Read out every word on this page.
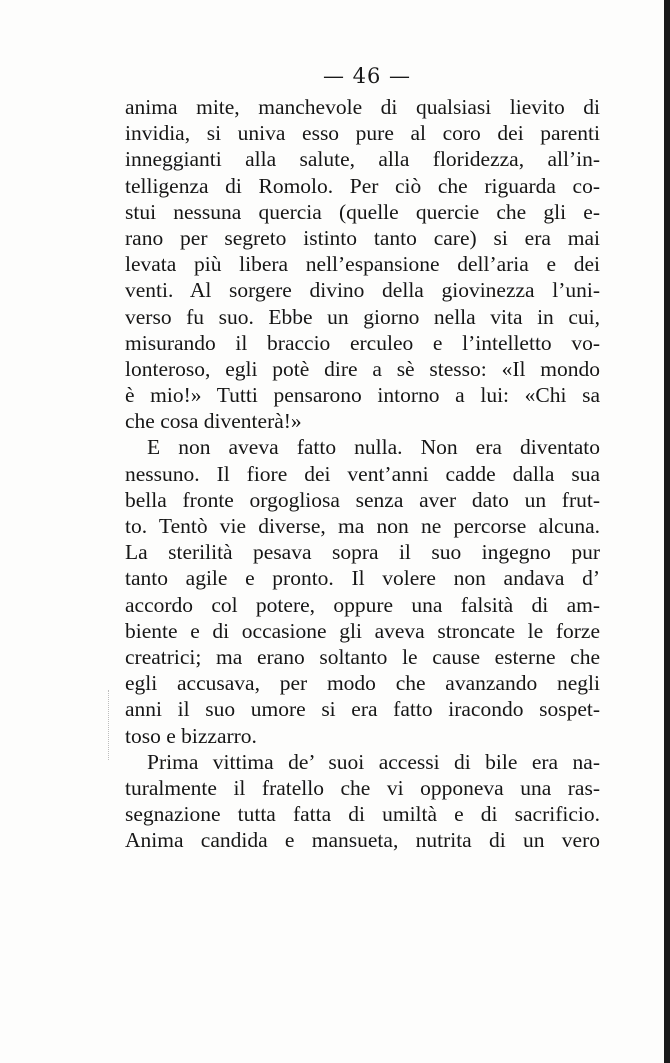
— 46 —
anima mite, manchevole di qualsiasi lievito di
invidia, si univa esso pure al coro dei parenti
inneggianti alla salute, alla floridezza, all’in-
telligenza di Romolo. Per ciò che riguarda co-
stui nessuna quercia (quelle quercie che gli e-
rano per segreto istinto tanto care) si era mai
levata più libera nell’espansione dell’aria e dei
venti. Al sorgere divino della giovinezza l’uni-
verso fu suo. Ebbe un giorno nella vita in cui,
misurando il braccio erculeo e l’intelletto vo-
lonteroso, egli potè dire a sè stesso: «Il mondo
è mio!» Tutti pensarono intorno a lui: «Chi sa
che cosa diventerà!»
E non aveva fatto nulla. Non era diventato
nessuno. Il fiore dei vent’anni cadde dalla sua
bella fronte orgogliosa senza aver dato un frut-
to. Tentò vie diverse, ma non ne percorse alcuna.
La sterilità pesava sopra il suo ingegno pur
tanto agile e pronto. Il volere non andava d’
accordo col potere, oppure una falsità di am-
biente e di occasione gli aveva stroncate le forze
creatrici; ma erano soltanto le cause esterne che
egli accusava, per modo che avanzando negli
anni il suo umore si era fatto iracondo sospet-
toso e bizzarro.
Prima vittima de’ suoi accessi di bile era na-
turalmente il fratello che vi opponeva una ras-
segnazione tutta fatta di umiltà e di sacrificio.
Anima candida e mansueta, nutrita di un vero
